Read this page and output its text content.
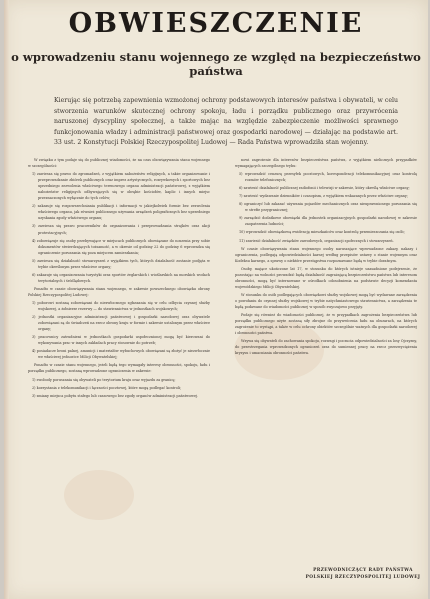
OBWIESZCZENIE
o wprowadzeniu stanu wojennego ze względ na bezpieczeństwo państwa
Kierując się potrzebą zapewnienia wzmożonej ochrony podstawowych interesów państwa i obywateli, w celu stworzenia warunków skutecznej ochrony spokoju, ładu i porządku publicznego oraz przywrócenia naruszonej dyscypliny społecznej, a także mając na względzie zabezpieczenie możliwości sprawnego funkcjonowania władzy i administracji państwowej oraz gospodarki narodowej — działając na podstawie art. 33 ust. 2 Konstytucji Polskiej Rzeczypospolitej Ludowej — Rada Państwa wprowadziła stan wojenny.

W związku z tym podaje się do publicznej wiadomości, że na czas obowiązywania stanu wojennego w szczególności:

1) zawiesza się prawo do zgromadzeń, z wyjątkiem nabożeństw religijnych, a także organizowanie i przeprowadzanie zbiórek publicznych oraz imprez artystycznych, rozrywkowych i sportowych bez uprzedniego zezwolenia właściwego terenowego organu administracji państwowej, z wyjątkiem nabożeństw religijnych odbywających się w obrębie kościołów, kaplic i innych miejsc przeznaczonych wyłącznie do tych celów;

2) zakazuje się rozpowszechniania publikacji i informacji w jakiejkolwiek formie bez zezwolenia właściwego organu, jak również publicznego używania urządzeń poligraficznych bez uprzedniego uzyskania zgody właściwego organu;

3) zawiesza się prawo pracowników do organizowania i przeprowadzania strajków oraz akcji protestacyjnych;

4) zobowiązuje się osoby przebywające w miejscach publicznych obowiązane do noszenia przy sobie dokumentów stwierdzających tożsamość, a w okresie od godziny 22 do godziny 6 wprowadza się ograniczenie poruszania się poza miejscem zamieszkania;

5) zawiesza się działalność stowarzyszeń z wyjątkiem tych, których działalność zostanie podjęta w trybie określonym przez właściwe organy;

6) zakazuje się organizowania turystyki oraz sportów żeglarskich i wioślarskich na morskich wodach terytorialnych i śródlądowych.

Ponadto w czasie obowiązywania stanu wojennego, w zakresie powszechnego obowiązku obrony Polskiej Rzeczypospolitej Ludowej:

1) poborowi zostaną zobowiązani do niezwłocznego zgłaszania się w celu odbycia czynnej służby wojskowej, a żołnierze rezerwy — do stawiennictwa w jednostkach wojskowych;

2) jednostki organizacyjne administracji państwowej i gospodarki narodowej oraz obywatele zobowiązani są do świadczeń na rzecz obrony kraju w formie i zakresie ustalonym przez właściwe organy;

3) pracownicy zatrudnieni w jednostkach gospodarki uspołecznionej mogą być kierowani do wykonywania prac w innych zakładach pracy stosownie do potrzeb;

4) posiadacze broni palnej, amunicji i materiałów wybuchowych obowiązani są złożyć je niezwłocznie we właściwej jednostce Milicji Obywatelskiej;

Ponadto w czasie stanu wojennego, jeżeli będą tego wymagały interesy obronności, spokoju, ładu i porządku publicznego, zostaną wprowadzone ograniczenia w zakresie:

1) swobody poruszania się obywateli po terytorium kraju oraz wyjazdu za granicę;

2) korzystania z telekomunikacji i łączności pocztowej, które mogą podlegać kontroli;

3) zmiany miejsca pobytu stałego lub czasowego bez zgody organów administracji państwowej.

nowi zagrożenie dla interesów bezpieczeństwa państwa, z wyjątkiem nielicznych przypadków wymagających szczególnego trybu:

5) wprowadzić cenzurę przesyłek pocztowych, korespondencji telekomunikacyjnej oraz kontrolę rozmów telefonicznych;

6) zawiesić działalność publicznej radiofonii i telewizji w zakresie, który określą właściwe organy;

7) zawiesić wydawanie dzienników i czasopism, z wyjątkiem wskazanych przez właściwe organy;

8) ograniczyć lub zakazać używania pojazdów mechanicznych oraz nieuprawnionego poruszania się w strefie przygranicznej;

9) zarządzić dodatkowe obowiązki dla jednostek organizacyjnych gospodarki narodowej w zakresie zaopatrzenia ludności;

10) wprowadzić obowiązkową ewidencję mieszkańców oraz kontrolę przemieszczania się osób;

11) zawiesić działalność związków zawodowych, organizacji społecznych i stowarzyszeń.

W czasie obowiązywania stanu wojennego osoby naruszające wprowadzone zakazy, nakazy i ograniczenia, podlegają odpowiedzialności karnej według przepisów ustawy o stanie wojennym oraz Kodeksu karnego, a sprawy o niektóre przestępstwa rozpoznawane będą w trybie doraźnym.

Osoby, mające ukończone lat 17, w stosunku do których istnieje uzasadnione podejrzenie, że pozostając na wolności prowadzić będą działalność zagrażającą bezpieczeństwu państwa lub interesom obronności, mogą być internowane w ośrodkach odosobnienia na podstawie decyzji komendanta wojewódzkiego Milicji Obywatelskiej.

W stosunku do osób podlegających obowiązkowi służby wojskowej mogą być wydawane zarządzenia o powołaniu do czynnej służby wojskowej w trybie natychmiastowego stawiennictwa, a zarządzenia te będą podawane do wiadomości publicznej w sposób zwyczajowo przyjęty.

Podaje się również do wiadomości publicznej, że w przypadkach zagrożenia bezpieczeństwa lub porządku publicznego użyte zostaną siły zbrojne do przywrócenia ładu na obszarach, na których zagrożenie to wystąpi, a także w celu ochrony obiektów szczególnie ważnych dla gospodarki narodowej i obronności państwa.

Wzywa się obywateli do zachowania spokoju, rozwagi i poczucia odpowiedzialności za losy Ojczyzny, do przestrzegania wprowadzonych ograniczeń oraz do sumiennej pracy na rzecz przezwyciężenia kryzysu i umacniania obronności państwa.

PRZEWODNICZĄCY RADY PAŃSTWA
POLSKIEJ RZECZYPOSPOLITEJ LUDOWEJ
